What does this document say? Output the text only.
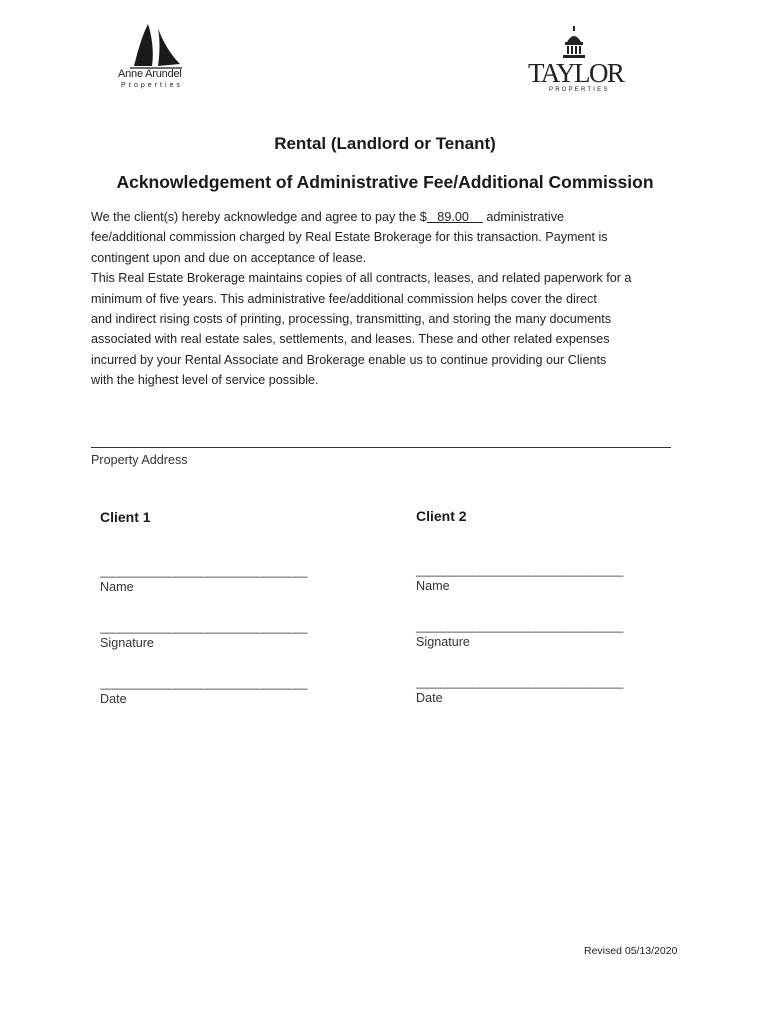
Anne Arundel
Properties	TAYLOR
PROPERTIES
Rental (Landlord or Tenant)
Acknowledgement of Administrative Fee/Additional Commission

We the client(s) hereby acknowledge and agree to pay the $   89.00     administrative

fee/additional commission charged by Real Estate Brokerage for this transaction. Payment is

contingent upon and due on acceptance of lease.

This Real Estate Brokerage maintains copies of all contracts, leases, and related paperwork for a

minimum of five years. This administrative fee/additional commission helps cover the direct

and indirect rising costs of printing, processing, transmitting, and storing the many documents

associated with real estate sales, settlements, and leases. These and other related expenses

incurred by your Rental Associate and Brokerage enable us to continue providing our Clients

with the highest level of service possible.

Property Address
Client 1
_________________________________
Name
_________________________________
Signature
_________________________________
Date
Client 2
_________________________________
Name
_________________________________
Signature
_________________________________
Date
Revised 05/13/2020
